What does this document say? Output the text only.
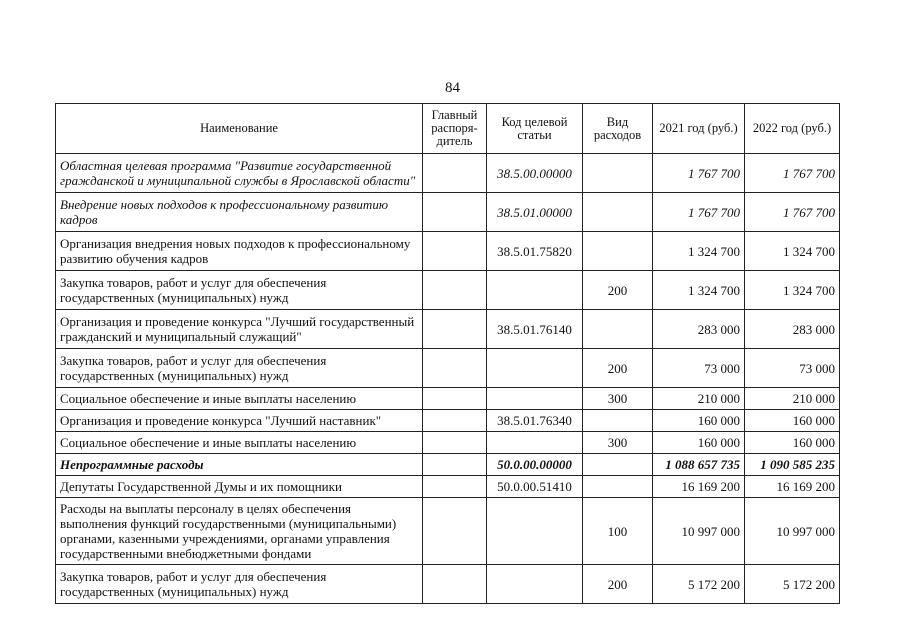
84
Наименование	Главный распоря-дитель	Код целевой статьи	Вид расходов	2021 год (руб.)	2022 год (руб.)
Областная целевая программа "Развитие государственной гражданской и муниципальной службы в Ярославской области"		38.5.00.00000		1 767 700	1 767 700
Внедрение новых подходов к профессиональному развитию кадров		38.5.01.00000		1 767 700	1 767 700
Организация внедрения новых подходов к профессиональному развитию обучения кадров		38.5.01.75820		1 324 700	1 324 700
Закупка товаров, работ и услуг для обеспечения государственных (муниципальных) нужд			200	1 324 700	1 324 700
Организация и проведение конкурса "Лучший государственный гражданский и муниципальный служащий"		38.5.01.76140		283 000	283 000
Закупка товаров, работ и услуг для обеспечения государственных (муниципальных) нужд			200	73 000	73 000
Социальное обеспечение и иные выплаты населению			300	210 000	210 000
Организация и проведение конкурса "Лучший наставник"		38.5.01.76340		160 000	160 000
Социальное обеспечение и иные выплаты населению			300	160 000	160 000
Непрограммные расходы		50.0.00.00000		1 088 657 735	1 090 585 235
Депутаты Государственной Думы и их помощники		50.0.00.51410		16 169 200	16 169 200
Расходы на выплаты персоналу в целях обеспечения выполнения функций государственными (муниципальными) органами, казенными учреждениями, органами управления государственными внебюджетными фондами			100	10 997 000	10 997 000
Закупка товаров, работ и услуг для обеспечения государственных (муниципальных) нужд			200	5 172 200	5 172 200
